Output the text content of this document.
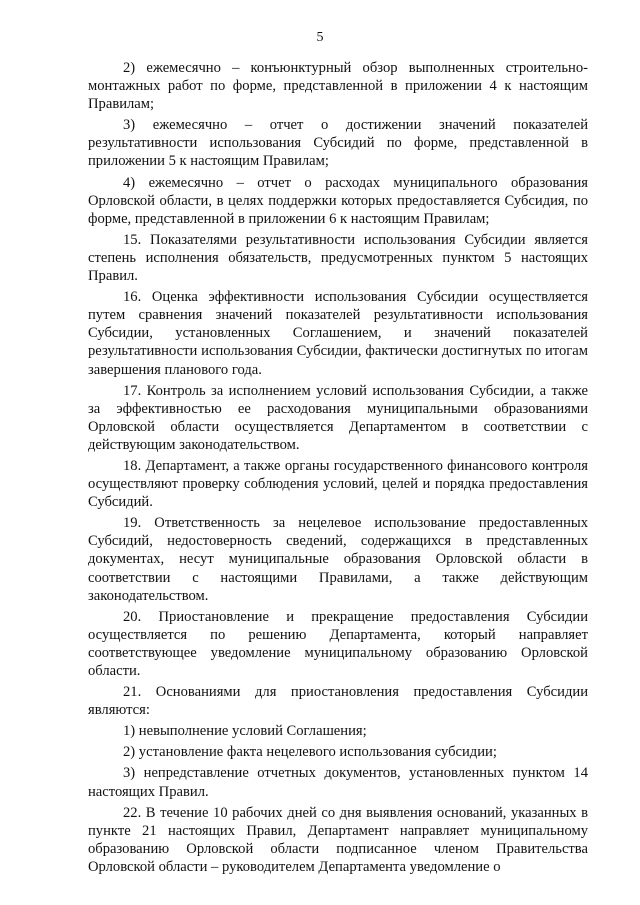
5

2) ежемесячно – конъюнктурный обзор выполненных строительно-монтажных работ по форме, представленной в приложении 4 к настоящим Правилам;

3) ежемесячно – отчет о достижении значений показателей результативности использования Субсидий по форме, представленной в приложении 5 к настоящим Правилам;

4) ежемесячно – отчет о расходах муниципального образования Орловской области, в целях поддержки которых предоставляется Субсидия, по форме, представленной в приложении 6 к настоящим Правилам;

15. Показателями результативности использования Субсидии является степень исполнения обязательств, предусмотренных пунктом 5 настоящих Правил.

16. Оценка эффективности использования Субсидии осуществляется путем сравнения значений показателей результативности использования Субсидии, установленных Соглашением, и значений показателей результативности использования Субсидии, фактически достигнутых по итогам завершения планового года.

17. Контроль за исполнением условий использования Субсидии, а также за эффективностью ее расходования муниципальными образованиями Орловской области осуществляется Департаментом в соответствии с действующим законодательством.

18. Департамент, а также органы государственного финансового контроля осуществляют проверку соблюдения условий, целей и порядка предоставления Субсидий.

19. Ответственность за нецелевое использование предоставленных Субсидий, недостоверность сведений, содержащихся в представленных документах, несут муниципальные образования Орловской области в соответствии с настоящими Правилами, а также действующим законодательством.

20. Приостановление и прекращение предоставления Субсидии осуществляется по решению Департамента, который направляет соответствующее уведомление муниципальному образованию Орловской области.

21. Основаниями для приостановления предоставления Субсидии являются:

1) невыполнение условий Соглашения;

2) установление факта нецелевого использования субсидии;

3) непредставление отчетных документов, установленных пунктом 14 настоящих Правил.

22. В течение 10 рабочих дней со дня выявления оснований, указанных в пункте 21 настоящих Правил, Департамент направляет муниципальному образованию Орловской области подписанное членом Правительства Орловской области – руководителем Департамента уведомление о
